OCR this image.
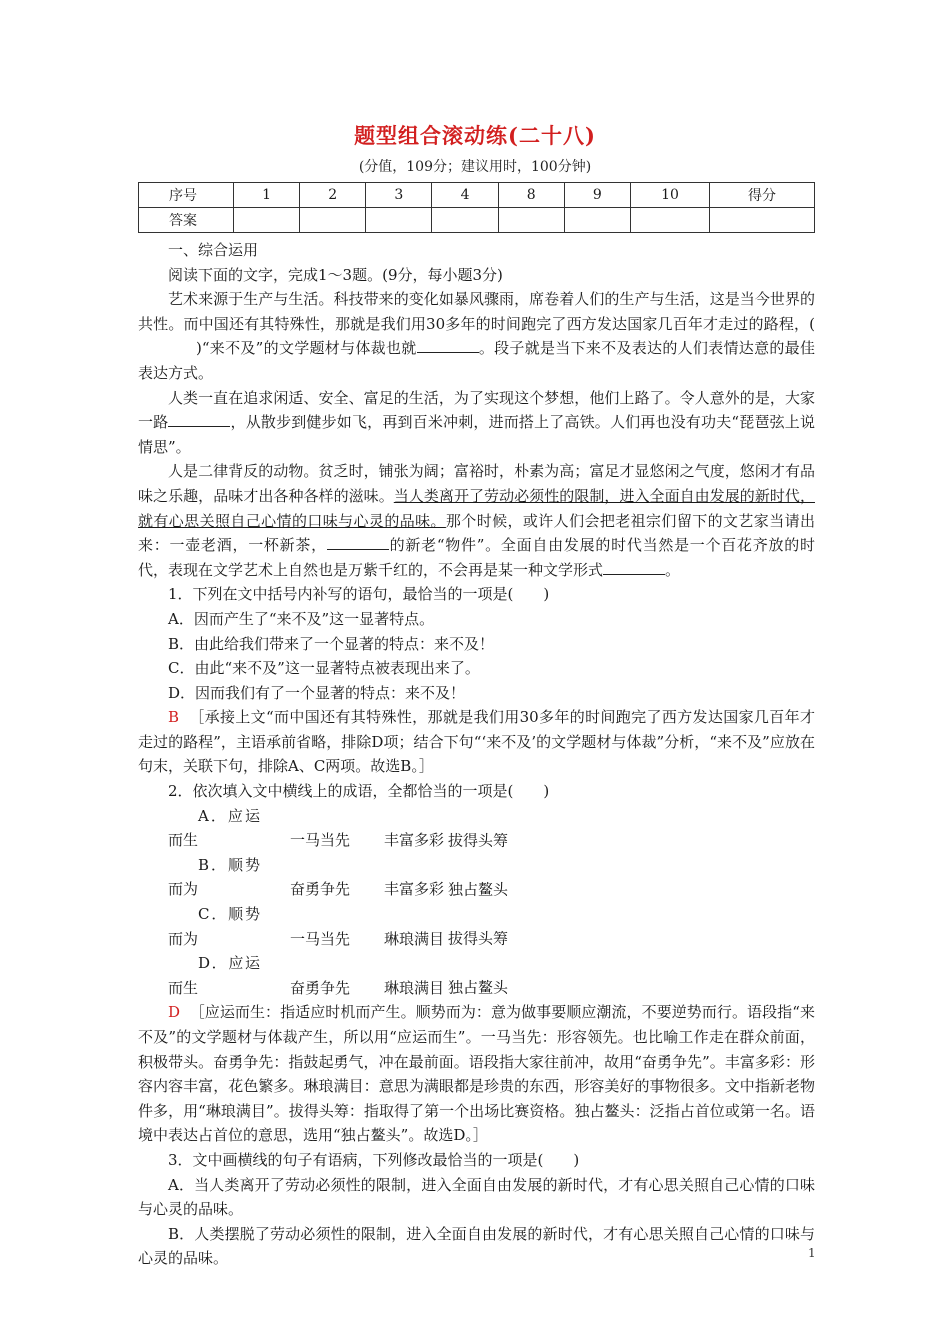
题型组合滚动练(二十八)
(分值，109分；建议用时，100分钟)
序号	1	2	3	4	8	9	10	得分
答案								

一、综合运用

阅读下面的文字，完成1～3题。(9分，每小题3分)

艺术来源于生产与生活。科技带来的变化如暴风骤雨，席卷着人们的生产与生活，这是当今世界的共性。而中国还有其特殊性，那就是我们用30多年的时间跑完了西方发达国家几百年才走过的路程，()“来不及”的文学题材与体裁也就	。段子就是当下来不及表达的人们表情达意的最佳表达方式。

人类一直在追求闲适、安全、富足的生活，为了实现这个梦想，他们上路了。令人意外的是，大家一路	，从散步到健步如飞，再到百米冲刺，进而搭上了高铁。人们再也没有功夫“琵琶弦上说情思”。

人是二律背反的动物。贫乏时，铺张为阔；富裕时，朴素为高；富足才显悠闲之气度，悠闲才有品味之乐趣，品味才出各种各样的滋味。当人类离开了劳动必须性的限制，进入全面自由发展的新时代，就有心思关照自己心情的口味与心灵的品味。那个时候，或许人们会把老祖宗们留下的文艺家当请出来：一壶老酒，一杯新茶，	的新老“物件”。全面自由发展的时代当然是一个百花齐放的时代，表现在文学艺术上自然也是万紫千红的，不会再是某一种文学形式	。

1．下列在文中括号内补写的语句，最恰当的一项是(　　)

A．因而产生了“来不及”这一显著特点。

B．由此给我们带来了一个显著的特点：来不及！

C．由此“来不及”这一显著特点被表现出来了。

D．因而我们有了一个显著的特点：来不及！

B ［承接上文“而中国还有其特殊性，那就是我们用30多年的时间跑完了西方发达国家几百年才走过的路程”，主语承前省略，排除D项；结合下句“‘来不及’的文学题材与体裁”分析，“来不及”应放在句末，关联下句，排除A、C两项。故选B。］

2．依次填入文中横线上的成语，全都恰当的一项是(　　)

A．应运而生	一马当先 丰富多彩 拔得头筹

B．顺势而为	奋勇争先 丰富多彩 独占鳌头

C．顺势而为	一马当先 琳琅满目 拔得头筹

D．应运而生	奋勇争先 琳琅满目 独占鳌头

D ［应运而生：指适应时机而产生。顺势而为：意为做事要顺应潮流，不要逆势而行。语段指“来不及”的文学题材与体裁产生，所以用“应运而生”。一马当先：形容领先。也比喻工作走在群众前面，积极带头。奋勇争先：指鼓起勇气，冲在最前面。语段指大家往前冲，故用“奋勇争先”。丰富多彩：形容内容丰富，花色繁多。琳琅满目：意思为满眼都是珍贵的东西，形容美好的事物很多。文中指新老物件多，用“琳琅满目”。拔得头筹：指取得了第一个出场比赛资格。独占鳌头：泛指占首位或第一名。语境中表达占首位的意思，选用“独占鳌头”。故选D。］

3．文中画横线的句子有语病，下列修改最恰当的一项是(　　)

A．当人类离开了劳动必须性的限制，进入全面自由发展的新时代，才有心思关照自己心情的口味与心灵的品味。

B．人类摆脱了劳动必须性的限制，进入全面自由发展的新时代，才有心思关照自己心情的口味与心灵的品味。	1
